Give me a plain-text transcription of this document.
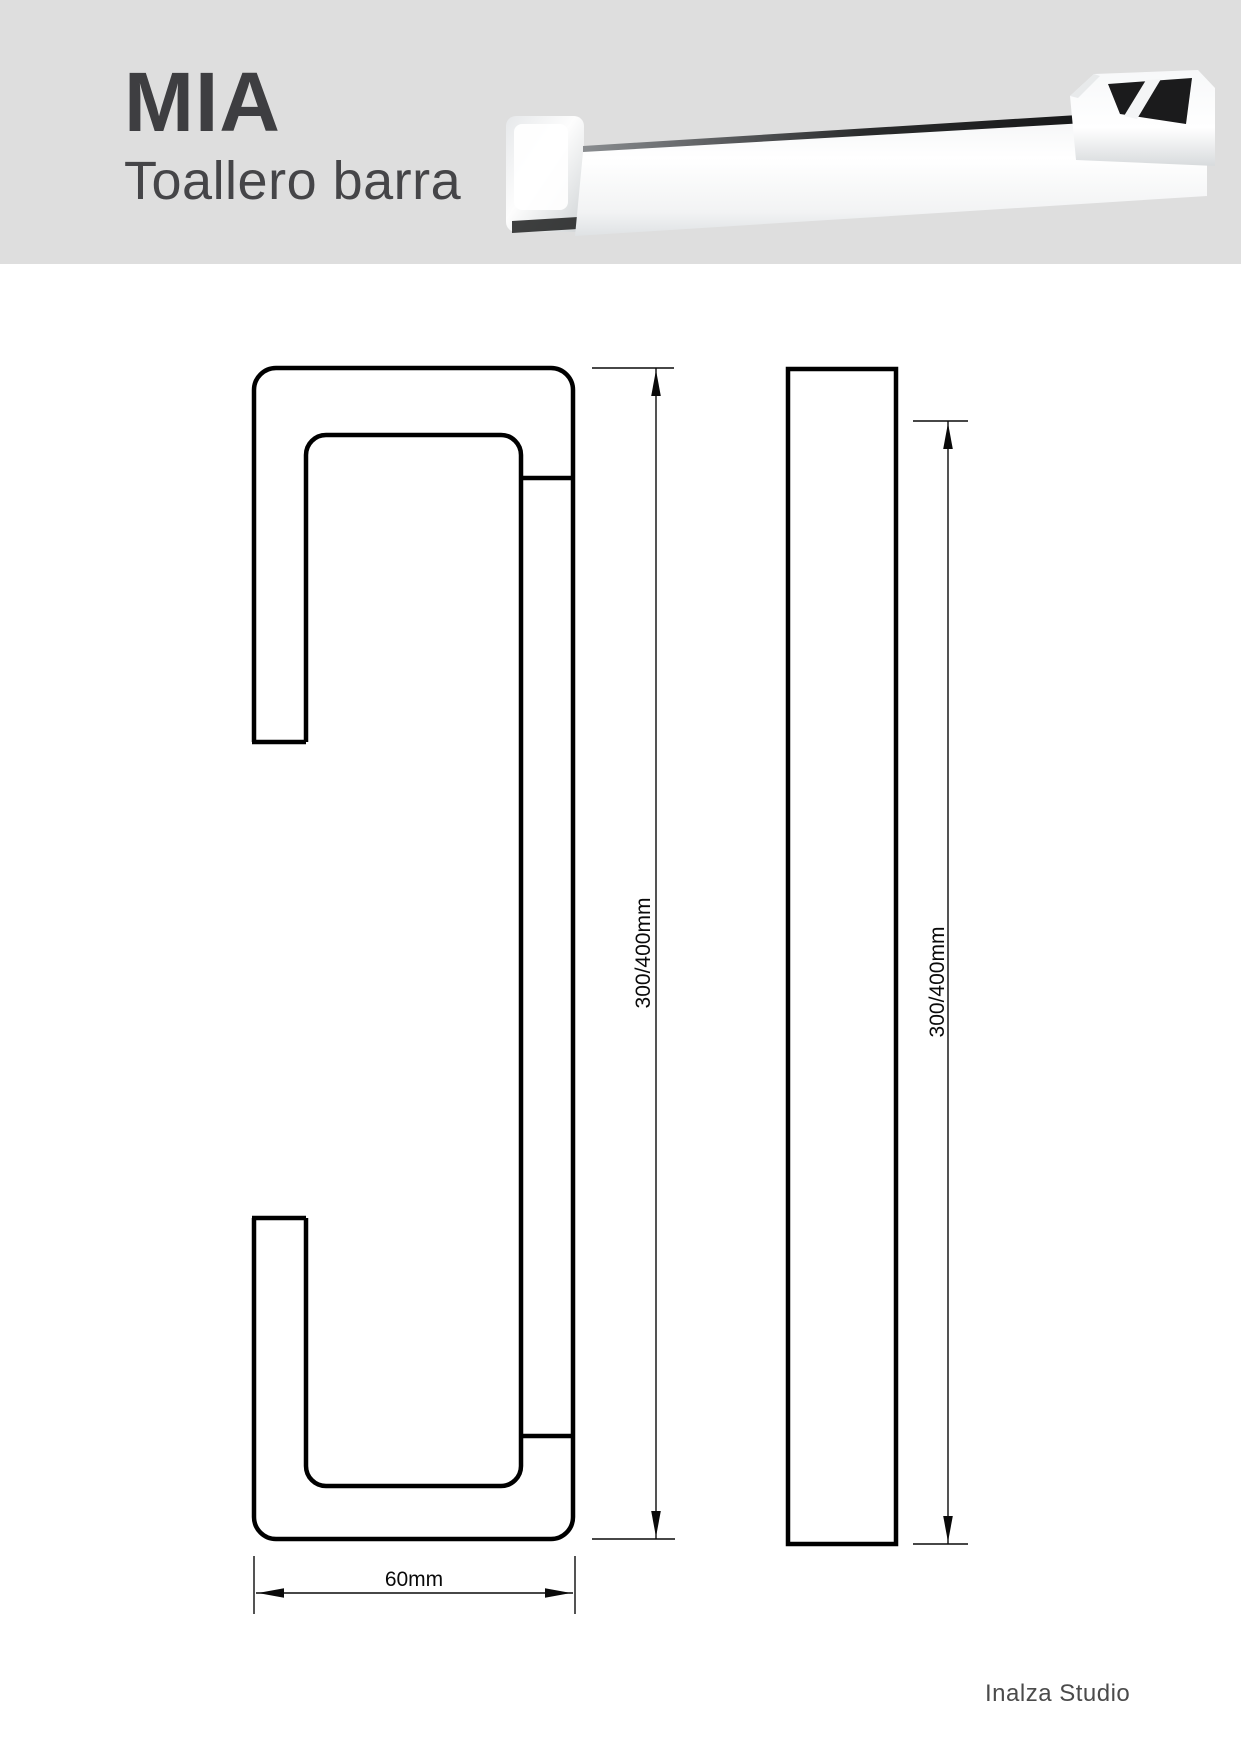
MIA
Toallero barra
300/400mm	300/400mm
60mm
Inalza Studio
